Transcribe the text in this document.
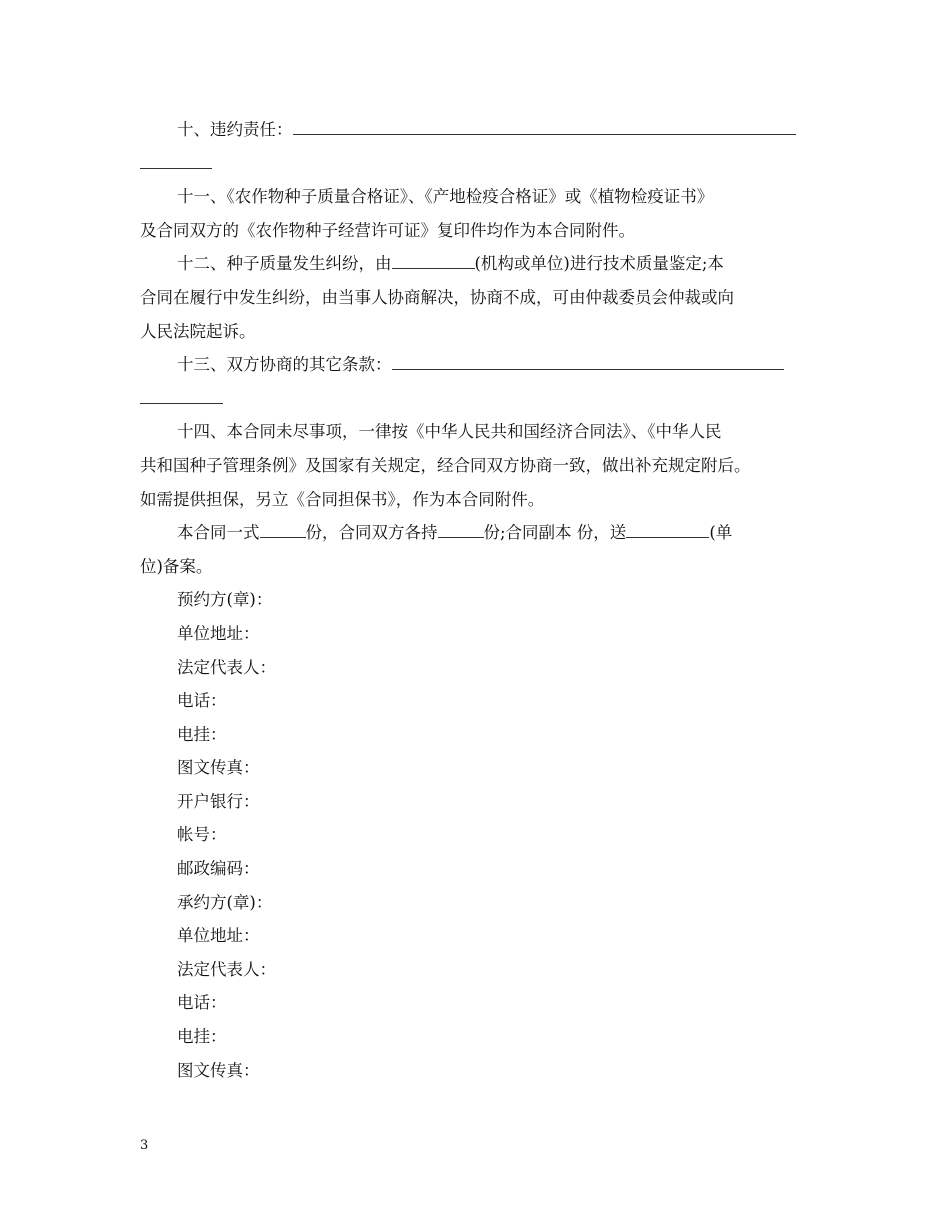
十、违约责任：
十一、《农作物种子质量合格证》、《产地检疫合格证》或《植物检疫证书》
及合同双方的《农作物种子经营许可证》复印件均作为本合同附件。
十二、种子质量发生纠纷，由	(机构或单位)进行技术质量鉴定;本
合同在履行中发生纠纷，由当事人协商解决，协商不成，可由仲裁委员会仲裁或向
人民法院起诉。
十三、双方协商的其它条款：
十四、本合同未尽事项，一律按《中华人民共和国经济合同法》、《中华人民
共和国种子管理条例》及国家有关规定，经合同双方协商一致，做出补充规定附后。
如需提供担保，另立《合同担保书》，作为本合同附件。
本合同一式	份，合同双方各持	份;合同副本 份，送	(单
位)备案。
预约方(章)：
单位地址：
法定代表人：
电话：
电挂：
图文传真：
开户银行：
帐号：
邮政编码：
承约方(章)：
单位地址：
法定代表人：
电话：
电挂：
图文传真：
3
